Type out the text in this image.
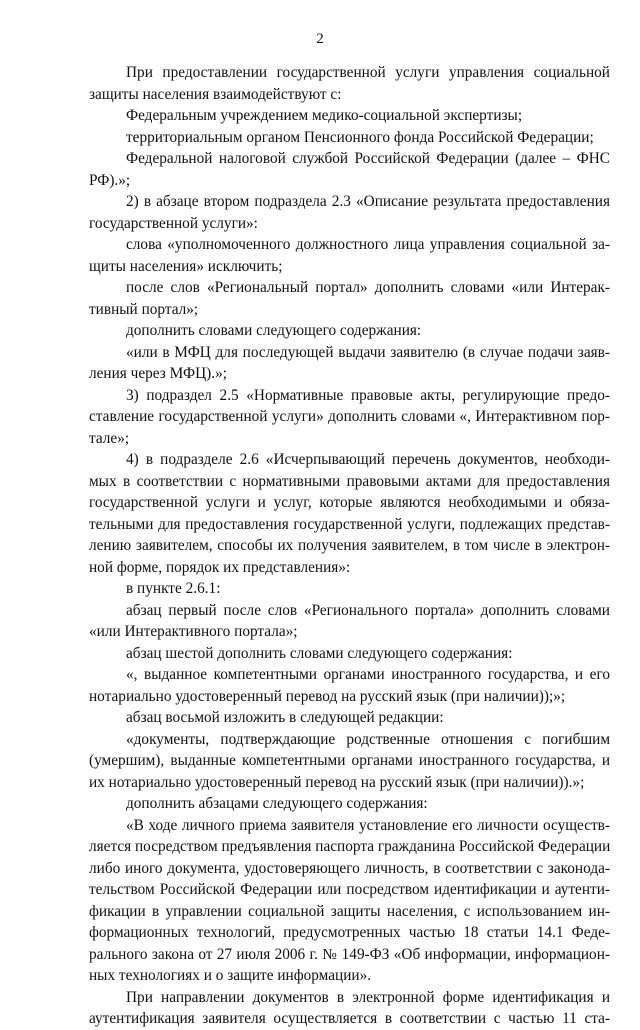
2
При предоставлении государственной услуги управления социальной
защиты населения взаимодействуют с:
Федеральным учреждением медико-социальной экспертизы;
территориальным органом Пенсионного фонда Российской Федерации;
Федеральной налоговой службой Российской Федерации (далее – ФНС
РФ).»;
2) в абзаце втором подраздела 2.3 «Описание результата предоставления
государственной услуги»:
слова «уполномоченного должностного лица управления социальной за-
щиты населения» исключить;
после слов «Региональный портал» дополнить словами «или Интерак-
тивный портал»;
дополнить словами следующего содержания:
«или в МФЦ для последующей выдачи заявителю (в случае подачи заяв-
ления через МФЦ).»;
3) подраздел 2.5 «Нормативные правовые акты, регулирующие предо-
ставление государственной услуги» дополнить словами «, Интерактивном пор-
тале»;
4) в подразделе 2.6 «Исчерпывающий перечень документов, необходи-
мых в соответствии с нормативными правовыми актами для предоставления
государственной услуги и услуг, которые являются необходимыми и обяза-
тельными для предоставления государственной услуги, подлежащих представ-
лению заявителем, способы их получения заявителем, в том числе в электрон-
ной форме, порядок их представления»:
в пункте 2.6.1:
абзац первый после слов «Регионального портала» дополнить словами
«или Интерактивного портала»;
абзац шестой дополнить словами следующего содержания:
«, выданное компетентными органами иностранного государства, и его
нотариально удостоверенный перевод на русский язык (при наличии));»;
абзац восьмой изложить в следующей редакции:
«документы, подтверждающие родственные отношения с погибшим
(умершим), выданные компетентными органами иностранного государства, и
их нотариально удостоверенный перевод на русский язык (при наличии)).»;
дополнить абзацами следующего содержания:
«В ходе личного приема заявителя установление его личности осуществ-
ляется посредством предъявления паспорта гражданина Российской Федерации
либо иного документа, удостоверяющего личность, в соответствии с законода-
тельством Российской Федерации или посредством идентификации и аутенти-
фикации в управлении социальной защиты населения, с использованием ин-
формационных технологий, предусмотренных частью 18 статьи 14.1 Феде-
рального закона от 27 июля 2006 г. № 149-ФЗ «Об информации, информацион-
ных технологиях и о защите информации».
При направлении документов в электронной форме идентификация и
аутентификация заявителя осуществляется в соответствии с частью 11 ста-
